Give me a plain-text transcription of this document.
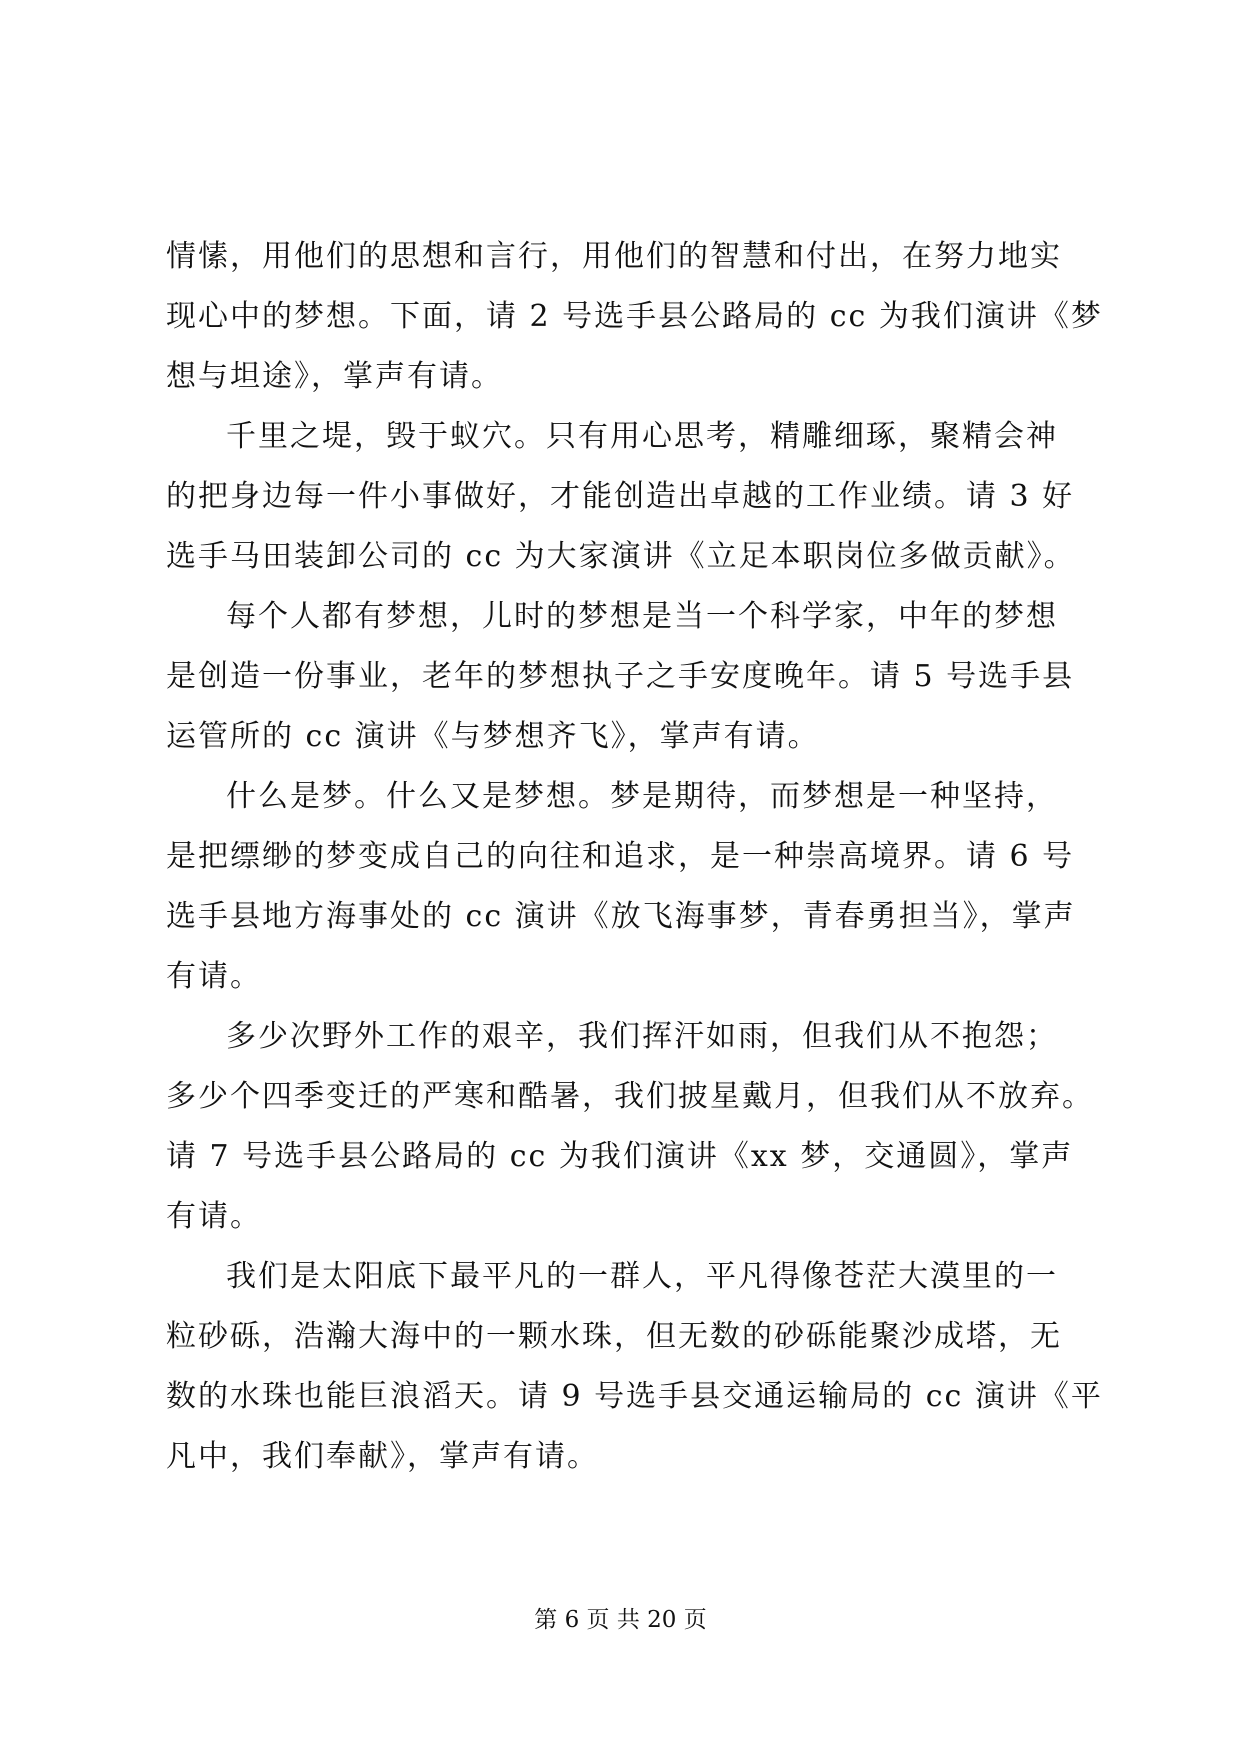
情愫，用他们的思想和言行，用他们的智慧和付出，在努力地实
现心中的梦想。下面，请 2 号选手县公路局的 cc 为我们演讲《梦
想与坦途》，掌声有请。

千里之堤，毁于蚁穴。只有用心思考，精雕细琢，聚精会神
的把身边每一件小事做好，才能创造出卓越的工作业绩。请 3 好
选手马田装卸公司的 cc 为大家演讲《立足本职岗位多做贡献》。

每个人都有梦想，儿时的梦想是当一个科学家，中年的梦想
是创造一份事业，老年的梦想执子之手安度晚年。请 5 号选手县
运管所的 cc 演讲《与梦想齐飞》，掌声有请。

什么是梦。什么又是梦想。梦是期待，而梦想是一种坚持，
是把缥缈的梦变成自己的向往和追求，是一种崇高境界。请 6 号
选手县地方海事处的 cc 演讲《放飞海事梦，青春勇担当》，掌声
有请。

多少次野外工作的艰辛，我们挥汗如雨，但我们从不抱怨；
多少个四季变迁的严寒和酷暑，我们披星戴月，但我们从不放弃。
请 7 号选手县公路局的 cc 为我们演讲《xx 梦，交通圆》，掌声
有请。

我们是太阳底下最平凡的一群人，平凡得像苍茫大漠里的一
粒砂砾，浩瀚大海中的一颗水珠，但无数的砂砾能聚沙成塔，无
数的水珠也能巨浪滔天。请 9 号选手县交通运输局的 cc 演讲《平
凡中，我们奉献》，掌声有请。

第 6 页 共 20 页
